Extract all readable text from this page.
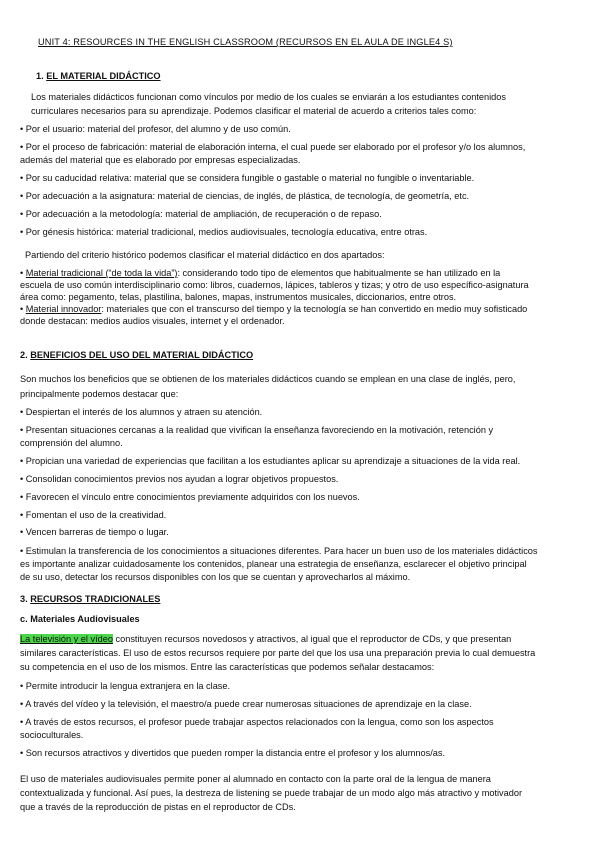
UNIT 4: RESOURCES IN THE ENGLISH CLASSROOM (RECURSOS EN EL AULA DE INGLE4 S)
1. EL MATERIAL DIDÁCTICO
Los materiales didácticos funcionan como vínculos por medio de los cuales se enviarán a los estudiantes contenidos
curriculares necesarios para su aprendizaje. Podemos clasificar el material de acuerdo a criterios tales como:
• Por el usuario: material del profesor, del alumno y de uso común.
• Por el proceso de fabricación: material de elaboración interna, el cual puede ser elaborado por el profesor y/o los alumnos,
además del material que es elaborado por empresas especializadas.
• Por su caducidad relativa: material que se considera fungible o gastable o material no fungible o inventariable.
• Por adecuación a la asignatura: material de ciencias, de inglés, de plástica, de tecnología, de geometría, etc.
• Por adecuación a la metodología: material de ampliación, de recuperación o de repaso.
• Por génesis histórica: material tradicional, medios audiovisuales, tecnología educativa, entre otras.
Partiendo del criterio histórico podemos clasificar el material didáctico en dos apartados:
• Material tradicional (“de toda la vida”): considerando todo tipo de elementos que habitualmente se han utilizado en la
escuela de uso común interdisciplinario como: libros, cuadernos, lápices, tableros y tizas; y otro de uso específico-asignatura
área como: pegamento, telas, plastilina, balones, mapas, instrumentos musicales, diccionarios, entre otros.
• Material innovador: materiales que con el transcurso del tiempo y la tecnología se han convertido en medio muy sofisticado
donde destacan: medios audios visuales, internet y el ordenador.
2. BENEFICIOS DEL USO DEL MATERIAL DIDÁCTICO
Son muchos los beneficios que se obtienen de los materiales didácticos cuando se emplean en una clase de inglés, pero,
principalmente podemos destacar que:
• Despiertan el interés de los alumnos y atraen su atención.
• Presentan situaciones cercanas a la realidad que vivifican la enseñanza favoreciendo en la motivación, retención y
comprensión del alumno.
• Propician una variedad de experiencias que facilitan a los estudiantes aplicar su aprendizaje a situaciones de la vida real.
• Consolidan conocimientos previos nos ayudan a lograr objetivos propuestos.
• Favorecen el vínculo entre conocimientos previamente adquiridos con los nuevos.
• Fomentan el uso de la creatividad.
• Vencen barreras de tiempo o lugar.
• Estimulan la transferencia de los conocimientos a situaciones diferentes. Para hacer un buen uso de los materiales didácticos
es importante analizar cuidadosamente los contenidos, planear una estrategia de enseñanza, esclarecer el objetivo principal
de su uso, detectar los recursos disponibles con los que se cuentan y aprovecharlos al máximo.
3. RECURSOS TRADICIONALES
c. Materiales Audiovisuales
La televisión y el vídeo constituyen recursos novedosos y atractivos, al igual que el reproductor de CDs, y que presentan
similares características. El uso de estos recursos requiere por parte del que los usa una preparación previa lo cual demuestra
su competencia en el uso de los mismos. Entre las características que podemos señalar destacamos:
• Permite introducir la lengua extranjera en la clase.
• A través del vídeo y la televisión, el maestro/a puede crear numerosas situaciones de aprendizaje en la clase.
• A través de estos recursos, el profesor puede trabajar aspectos relacionados con la lengua, como son los aspectos
socioculturales.
• Son recursos atractivos y divertidos que pueden romper la distancia entre el profesor y los alumnos/as.
El uso de materiales audiovisuales permite poner al alumnado en contacto con la parte oral de la lengua de manera
contextualizada y funcional. Así pues, la destreza de listening se puede trabajar de un modo algo más atractivo y motivador
que a través de la reproducción de pistas en el reproductor de CDs.
